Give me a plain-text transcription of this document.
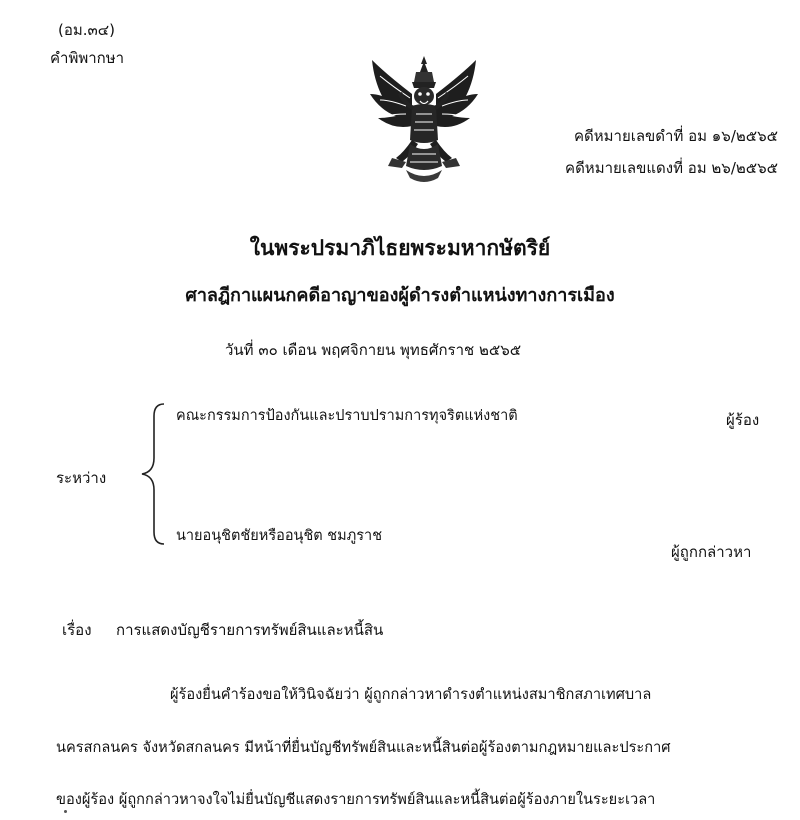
(อม.๓๔)
คำพิพากษา
คดีหมายเลขดำที่ อม ๑๖/๒๕๖๕
คดีหมายเลขแดงที่ อม ๒๖/๒๕๖๕
ในพระปรมาภิไธยพระมหากษัตริย์
ศาลฎีกาแผนกคดีอาญาของผู้ดำรงตำแหน่งทางการเมือง
วันที่ ๓๐ เดือน พฤศจิกายน พุทธศักราช ๒๕๖๕
คณะกรรมการป้องกันและปราบปรามการทุจริตแห่งชาติ	ผู้ร้อง
ระหว่าง
นายอนุชิตชัยหรืออนุชิต ชมภูราช
ผู้ถูกกล่าวหา
เรื่อง การแสดงบัญชีรายการทรัพย์สินและหนี้สิน
ผู้ร้องยื่นคำร้องขอให้วินิจฉัยว่า ผู้ถูกกล่าวหาดำรงตำแหน่งสมาชิกสภาเทศบาล
นครสกลนคร จังหวัดสกลนคร มีหน้าที่ยื่นบัญชีทรัพย์สินและหนี้สินต่อผู้ร้องตามกฎหมายและประกาศ
ของผู้ร้อง ผู้ถูกกล่าวหาจงใจไม่ยื่นบัญชีแสดงรายการทรัพย์สินและหนี้สินต่อผู้ร้องภายในระยะเวลา
